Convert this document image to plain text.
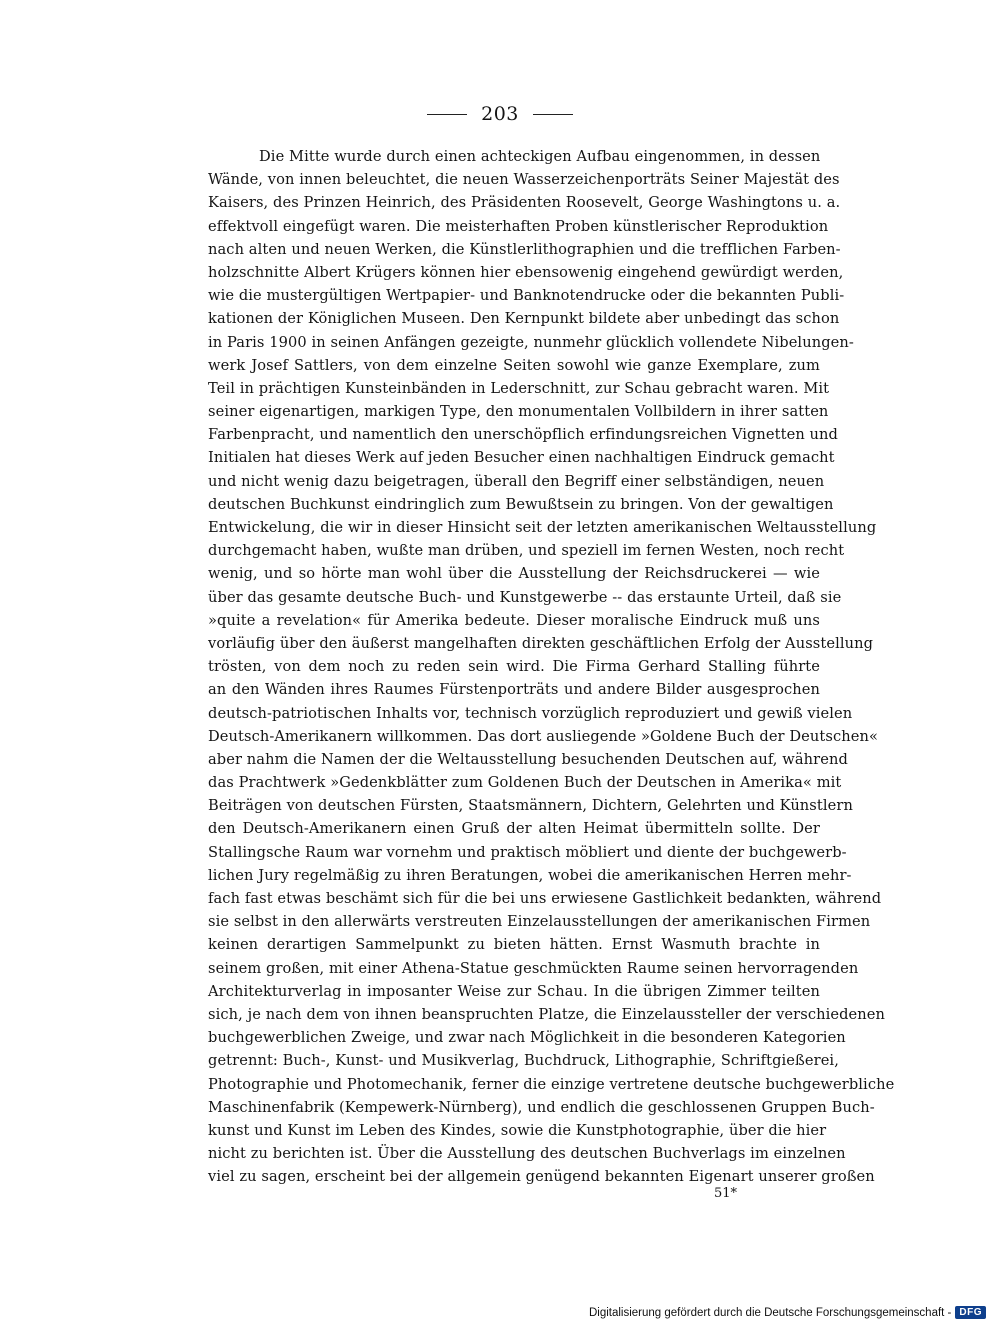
203
Die Mitte wurde durch einen achteckigen Aufbau eingenommen, in dessen
Wände, von innen beleuchtet, die neuen Wasserzeichenporträts Seiner Majestät des
Kaisers, des Prinzen Heinrich, des Präsidenten Roosevelt, George Washingtons u. a.
effektvoll eingefügt waren. Die meisterhaften Proben künstlerischer Reproduktion
nach alten und neuen Werken, die Künstlerlithographien und die trefflichen Farben-
holzschnitte Albert Krügers können hier ebensowenig eingehend gewürdigt werden,
wie die mustergültigen Wertpapier- und Banknotendrucke oder die bekannten Publi-
kationen der Königlichen Museen. Den Kernpunkt bildete aber unbedingt das schon
in Paris 1900 in seinen Anfängen gezeigte, nunmehr glücklich vollendete Nibelungen-
werk Josef Sattlers, von dem einzelne Seiten sowohl wie ganze Exemplare, zum
Teil in prächtigen Kunsteinbänden in Lederschnitt, zur Schau gebracht waren. Mit
seiner eigenartigen, markigen Type, den monumentalen Vollbildern in ihrer satten
Farbenpracht, und namentlich den unerschöpflich erfindungsreichen Vignetten und
Initialen hat dieses Werk auf jeden Besucher einen nachhaltigen Eindruck gemacht
und nicht wenig dazu beigetragen, überall den Begriff einer selbständigen, neuen
deutschen Buchkunst eindringlich zum Bewußtsein zu bringen. Von der gewaltigen
Entwickelung, die wir in dieser Hinsicht seit der letzten amerikanischen Weltausstellung
durchgemacht haben, wußte man drüben, und speziell im fernen Westen, noch recht
wenig, und so hörte man wohl über die Ausstellung der Reichsdruckerei — wie
über das gesamte deutsche Buch- und Kunstgewerbe -- das erstaunte Urteil, daß sie
»quite a revelation« für Amerika bedeute. Dieser moralische Eindruck muß uns
vorläufig über den äußerst mangelhaften direkten geschäftlichen Erfolg der Ausstellung
trösten, von dem noch zu reden sein wird. Die Firma Gerhard Stalling führte
an den Wänden ihres Raumes Fürstenporträts und andere Bilder ausgesprochen
deutsch-patriotischen Inhalts vor, technisch vorzüglich reproduziert und gewiß vielen
Deutsch-Amerikanern willkommen. Das dort ausliegende »Goldene Buch der Deutschen«
aber nahm die Namen der die Weltausstellung besuchenden Deutschen auf, während
das Prachtwerk »Gedenkblätter zum Goldenen Buch der Deutschen in Amerika« mit
Beiträgen von deutschen Fürsten, Staatsmännern, Dichtern, Gelehrten und Künstlern
den Deutsch-Amerikanern einen Gruß der alten Heimat übermitteln sollte. Der
Stallingsche Raum war vornehm und praktisch möbliert und diente der buchgewerb-
lichen Jury regelmäßig zu ihren Beratungen, wobei die amerikanischen Herren mehr-
fach fast etwas beschämt sich für die bei uns erwiesene Gastlichkeit bedankten, während
sie selbst in den allerwärts verstreuten Einzelausstellungen der amerikanischen Firmen
keinen derartigen Sammelpunkt zu bieten hätten. Ernst Wasmuth brachte in
seinem großen, mit einer Athena-Statue geschmückten Raume seinen hervorragenden
Architekturverlag in imposanter Weise zur Schau. In die übrigen Zimmer teilten
sich, je nach dem von ihnen beanspruchten Platze, die Einzelaussteller der verschiedenen
buchgewerblichen Zweige, und zwar nach Möglichkeit in die besonderen Kategorien
getrennt: Buch-, Kunst- und Musikverlag, Buchdruck, Lithographie, Schriftgießerei,
Photographie und Photomechanik, ferner die einzige vertretene deutsche buchgewerbliche
Maschinenfabrik (Kempewerk-Nürnberg), und endlich die geschlossenen Gruppen Buch-
kunst und Kunst im Leben des Kindes, sowie die Kunstphotographie, über die hier
nicht zu berichten ist. Über die Ausstellung des deutschen Buchverlags im einzelnen
viel zu sagen, erscheint bei der allgemein genügend bekannten Eigenart unserer großen
51*
Digitalisierung gefördert durch die Deutsche Forschungsgemeinschaft - DFG
